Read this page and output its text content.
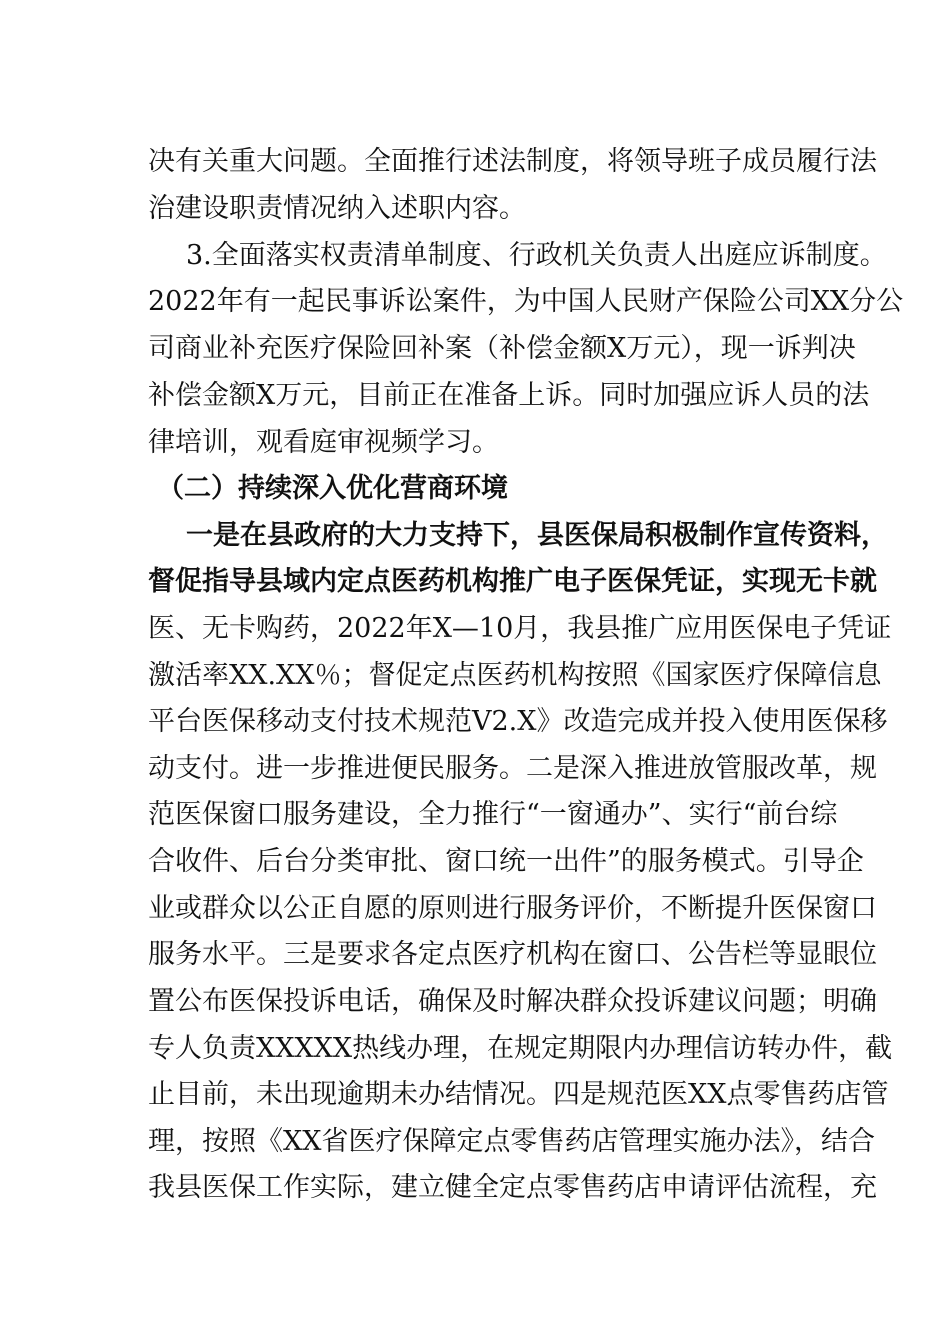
决有关重大问题。全面推行述法制度，将领导班子成员履行法
治建设职责情况纳入述职内容。
3.全面落实权责清单制度、行政机关负责人出庭应诉制度。
2022年有一起民事诉讼案件，为中国人民财产保险公司XX分公
司商业补充医疗保险回补案（补偿金额X万元），现一诉判决
补偿金额X万元，目前正在准备上诉。同时加强应诉人员的法
律培训，观看庭审视频学习。
（二）持续深入优化营商环境
一是在县政府的大力支持下，县医保局积极制作宣传资料，
督促指导县域内定点医药机构推广电子医保凭证，实现无卡就
医、无卡购药，2022年X—10月，我县推广应用医保电子凭证
激活率XX.XX％；督促定点医药机构按照《国家医疗保障信息
平台医保移动支付技术规范V2.X》改造完成并投入使用医保移
动支付。进一步推进便民服务。二是深入推进放管服改革，规
范医保窗口服务建设，全力推行“一窗通办”、实行“前台综
合收件、后台分类审批、窗口统一出件”的服务模式。引导企
业或群众以公正自愿的原则进行服务评价，不断提升医保窗口
服务水平。三是要求各定点医疗机构在窗口、公告栏等显眼位
置公布医保投诉电话，确保及时解决群众投诉建议问题；明确
专人负责XXXXX热线办理，在规定期限内办理信访转办件，截
止目前，未出现逾期未办结情况。四是规范医XX点零售药店管
理，按照《XX省医疗保障定点零售药店管理实施办法》，结合
我县医保工作实际，建立健全定点零售药店申请评估流程，充
